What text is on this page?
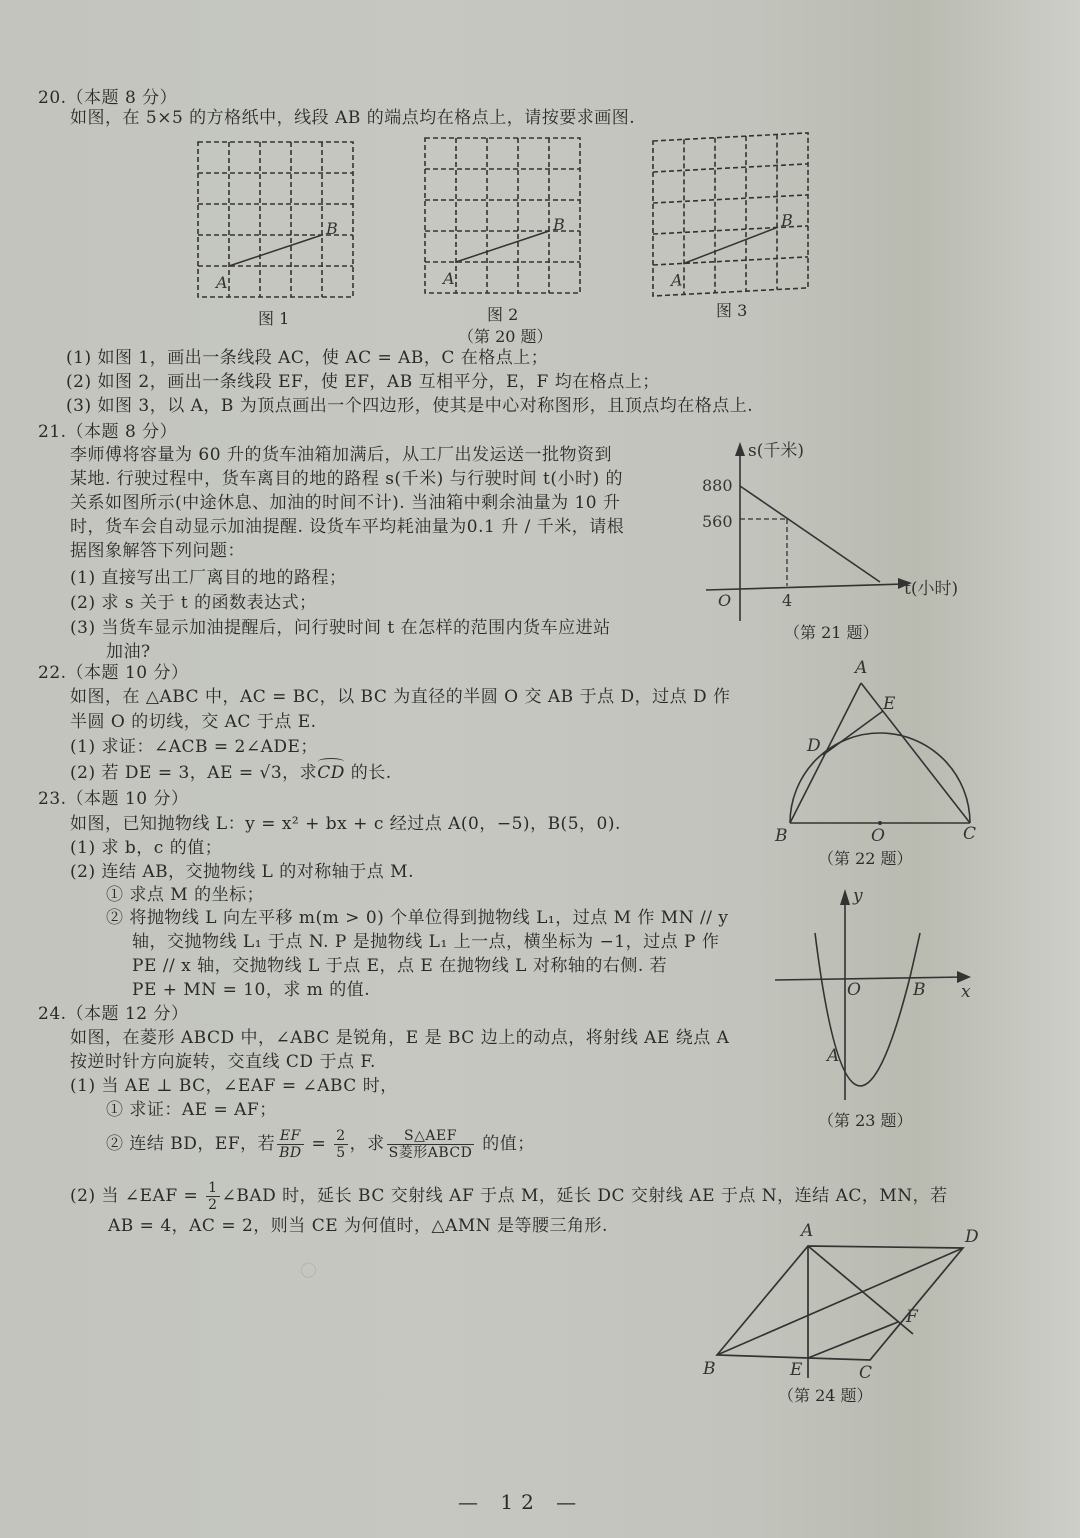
◯
20.（本题 8 分）
如图，在 5×5 的方格纸中，线段 AB 的端点均在格点上，请按要求画图.
A
B
图 1
A
B
图 2
（第 20 题）
A
B
图 3
(1) 如图 1，画出一条线段 AC，使 AC = AB，C 在格点上；
(2) 如图 2，画出一条线段 EF，使 EF，AB 互相平分，E，F 均在格点上；
(3) 如图 3，以 A，B 为顶点画出一个四边形，使其是中心对称图形，且顶点均在格点上.
21.（本题 8 分）
李师傅将容量为 60 升的货车油箱加满后，从工厂出发运送一批物资到
某地. 行驶过程中，货车离目的地的路程 s(千米) 与行驶时间 t(小时) 的
关系如图所示(中途休息、加油的时间不计). 当油箱中剩余油量为 10 升
时，货车会自动显示加油提醒. 设货车平均耗油量为0.1 升 / 千米，请根
据图象解答下列问题：
(1) 直接写出工厂离目的地的路程；
(2) 求 s 关于 t 的函数表达式；
(3) 当货车显示加油提醒后，问行驶时间 t 在怎样的范围内货车应进站
加油?
s(千米)
880
560
O	4
t(小时)
（第 21 题）
22.（本题 10 分）
如图，在 △ABC 中，AC = BC，以 BC 为直径的半圆 O 交 AB 于点 D，过点 D 作
半圆 O 的切线，交 AC 于点 E.
(1) 求证：∠ACB = 2∠ADE；
(2) 若 DE = 3，AE = √3，求CD 的长.
A
E
D
B	O	C
（第 22 题）
23.（本题 10 分）
如图，已知抛物线 L：y = x² + bx + c 经过点 A(0，−5)，B(5，0).
(1) 求 b，c 的值；
(2) 连结 AB，交抛物线 L 的对称轴于点 M.
① 求点 M 的坐标；
② 将抛物线 L 向左平移 m(m > 0) 个单位得到抛物线 L₁，过点 M 作 MN // y
轴，交抛物线 L₁ 于点 N. P 是抛物线 L₁ 上一点，横坐标为 −1，过点 P 作
PE // x 轴，交抛物线 L 于点 E，点 E 在抛物线 L 对称轴的右侧. 若
PE + MN = 10，求 m 的值.
y
x
O	B
A
（第 23 题）
24.（本题 12 分）
如图，在菱形 ABCD 中，∠ABC 是锐角，E 是 BC 边上的动点，将射线 AE 绕点 A
按逆时针方向旋转，交直线 CD 于点 F.
(1) 当 AE ⊥ BC，∠EAF = ∠ABC 时，
① 求证：AE = AF；
② 连结 BD，EF，若 $\frac{EF}{BD} = \frac{2}{5}$ ，求 $\frac{\text{S△AEF}}{\text{S菱形ABCD}}$ 的值；
(2) 当 ∠EAF = $\frac{1}{2}$ ∠BAD 时，延长 BC 交射线 AF 于点 M，延长 DC 交射线 AE 于点 N，连结 AC，MN，若
AB = 4，AC = 2，则当 CE 为何值时，△AMN 是等腰三角形.	A	D
B	E	C
F
（第 24 题）
— 12 —
